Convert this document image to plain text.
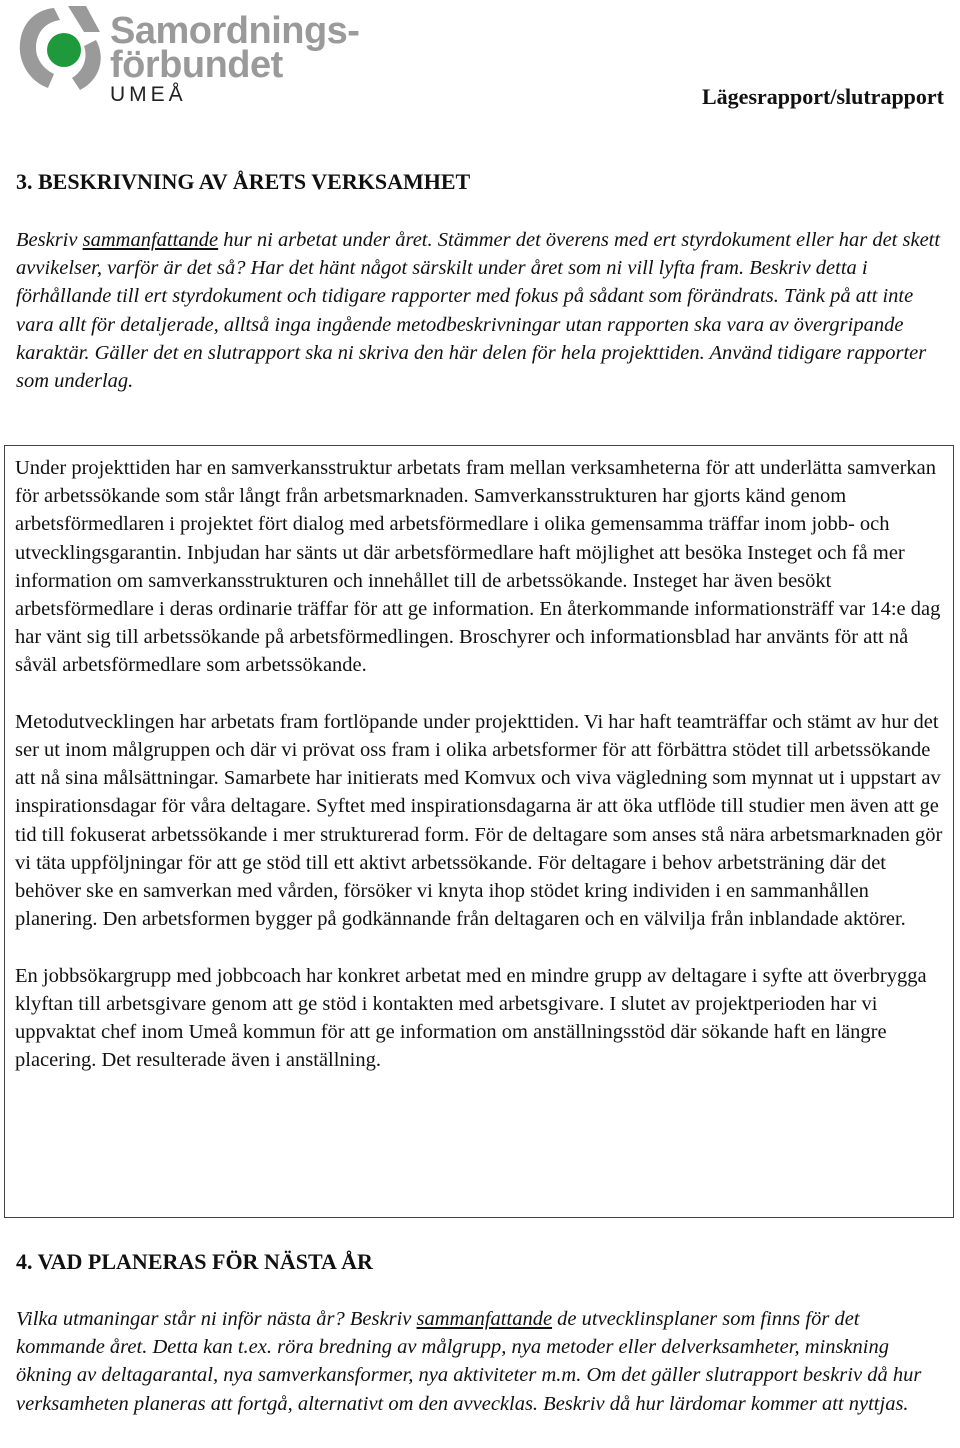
Samordnings-
förbundet
UMEÅ	Lägesrapport/slutrapport
3. BESKRIVNING AV ÅRETS VERKSAMHET
Beskriv sammanfattande hur ni arbetat under året. Stämmer det överens med ert styrdokument eller har det skett avvikelser, varför är det så? Har det hänt något särskilt under året som ni vill lyfta fram. Beskriv detta i förhållande till ert styrdokument och tidigare rapporter med fokus på sådant som förändrats. Tänk på att inte vara allt för detaljerade, alltså inga ingående metodbeskrivningar utan rapporten ska vara av övergripande karaktär. Gäller det en slutrapport ska ni skriva den här delen för hela projekttiden. Använd tidigare rapporter som underlag.

Under projekttiden har en samverkansstruktur arbetats fram mellan verksamheterna för att underlätta samverkan för arbetssökande som står långt från arbetsmarknaden. Samverkansstrukturen har gjorts känd genom arbetsförmedlaren i projektet fört dialog med arbetsförmedlare i olika gemensamma träffar inom jobb- och utvecklingsgarantin. Inbjudan har sänts ut där arbetsförmedlare haft möjlighet att besöka Insteget och få mer information om samverkansstrukturen och innehållet till de arbetssökande. Insteget har även besökt arbetsförmedlare i deras ordinarie träffar för att ge information. En återkommande informationsträff var 14:e dag har vänt sig till arbetssökande på arbetsförmedlingen. Broschyrer och informationsblad har använts för att nå såväl arbetsförmedlare som arbetssökande.

Metodutvecklingen har arbetats fram fortlöpande under projekttiden. Vi har haft teamträffar och stämt av hur det ser ut inom målgruppen och där vi prövat oss fram i olika arbetsformer för att förbättra stödet till arbetssökande att nå sina målsättningar. Samarbete har initierats med Komvux och viva vägledning som mynnat ut i uppstart av inspirationsdagar för våra deltagare. Syftet med inspirationsdagarna är att öka utflöde till studier men även att ge tid till fokuserat arbetssökande i mer strukturerad form. För de deltagare som anses stå nära arbetsmarknaden gör vi täta uppföljningar för att ge stöd till ett aktivt arbetssökande. För deltagare i behov arbetsträning där det behöver ske en samverkan med vården, försöker vi knyta ihop stödet kring individen i en sammanhållen planering. Den arbetsformen bygger på godkännande från deltagaren och en välvilja från inblandade aktörer.

En jobbsökargrupp med jobbcoach har konkret arbetat med en mindre grupp av deltagare i syfte att överbrygga klyftan till arbetsgivare genom att ge stöd i kontakten med arbetsgivare. I slutet av projektperioden har vi uppvaktat chef inom Umeå kommun för att ge information om anställningsstöd där sökande haft en längre placering. Det resulterade även i anställning.

4. VAD PLANERAS FÖR NÄSTA ÅR
Vilka utmaningar står ni inför nästa år? Beskriv sammanfattande de utvecklinsplaner som finns för det kommande året. Detta kan t.ex. röra bredning av målgrupp, nya metoder eller delverksamheter, minskning ökning av deltagarantal, nya samverkansformer, nya aktiviteter m.m. Om det gäller slutrapport beskriv då hur verksamheten planeras att fortgå, alternativt om den avvecklas. Beskriv då hur lärdomar kommer att nyttjas.
